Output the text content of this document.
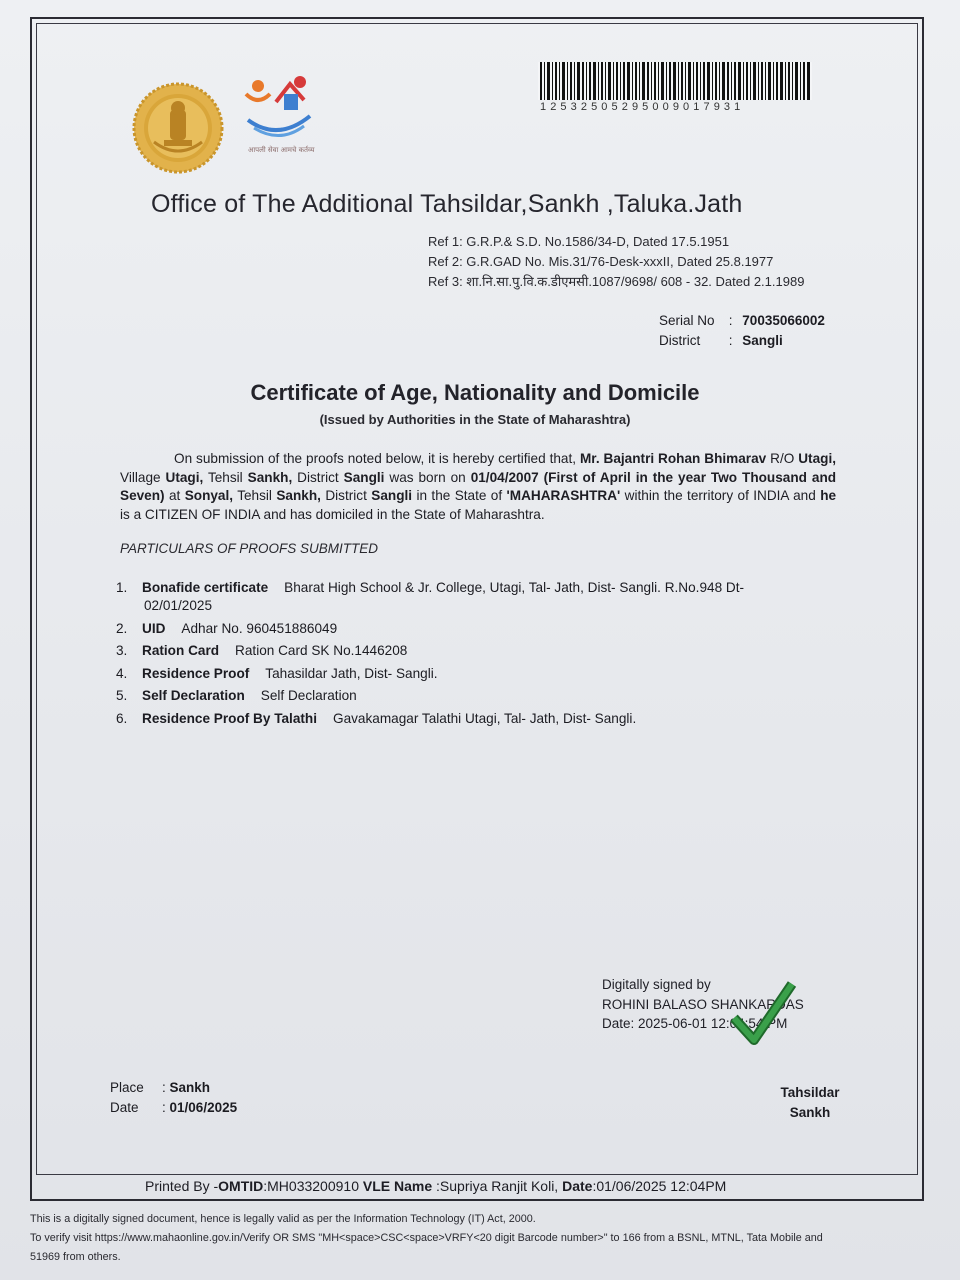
आपली सेवा आमचे कर्तव्य
12532505295009017931
Office of The Additional Tahsildar,Sankh ,Taluka.Jath
Ref 1: G.R.P.& S.D. No.1586/34-D, Dated 17.5.1951
Ref 2: G.R.GAD No. Mis.31/76-Desk-xxxII, Dated 25.8.1977
Ref 3: शा.नि.सा.पु.वि.क.डीएमसी.1087/9698/ 608 - 32. Dated 2.1.1989
Serial No : 70035066002
District : Sangli
Certificate of Age, Nationality and Domicile
(Issued by Authorities in the State of Maharashtra)
On submission of the proofs noted below, it is hereby certified that, Mr. Bajantri Rohan Bhimarav R/O Utagi, Village Utagi, Tehsil Sankh, District Sangli was born on 01/04/2007 (First of April in the year Two Thousand and Seven) at Sonyal, Tehsil Sankh, District Sangli in the State of 'MAHARASHTRA' within the territory of INDIA and he is a CITIZEN OF INDIA and has domiciled in the State of Maharashtra.
PARTICULARS OF PROOFS SUBMITTED
1. Bonafide certificate Bharat High School & Jr. College, Utagi, Tal- Jath, Dist- Sangli. R.No.948 Dt-
02/01/2025
2. UID Adhar No. 960451886049
3. Ration Card Ration Card SK No.1446208
4. Residence Proof Tahasildar Jath, Dist- Sangli.
5. Self Declaration Self Declaration
6. Residence Proof By Talathi Gavakamagar Talathi Utagi, Tal- Jath, Dist- Sangli.
Digitally signed by
ROHINI BALASO SHANKARDAS
Date: 2025-06-01 12:04:54 PM
Place : Sankh
Date : 01/06/2025
Tahsildar
Sankh
Printed By -OMTID:MH033200910 VLE Name :Supriya Ranjit Koli, Date:01/06/2025 12:04PM
This is a digitally signed document, hence is legally valid as per the Information Technology (IT) Act, 2000.
To verify visit https://www.mahaonline.gov.in/Verify OR SMS "MH<space>CSC<space>VRFY<20 digit Barcode number>" to 166 from a BSNL, MTNL, Tata Mobile and
51969 from others.
